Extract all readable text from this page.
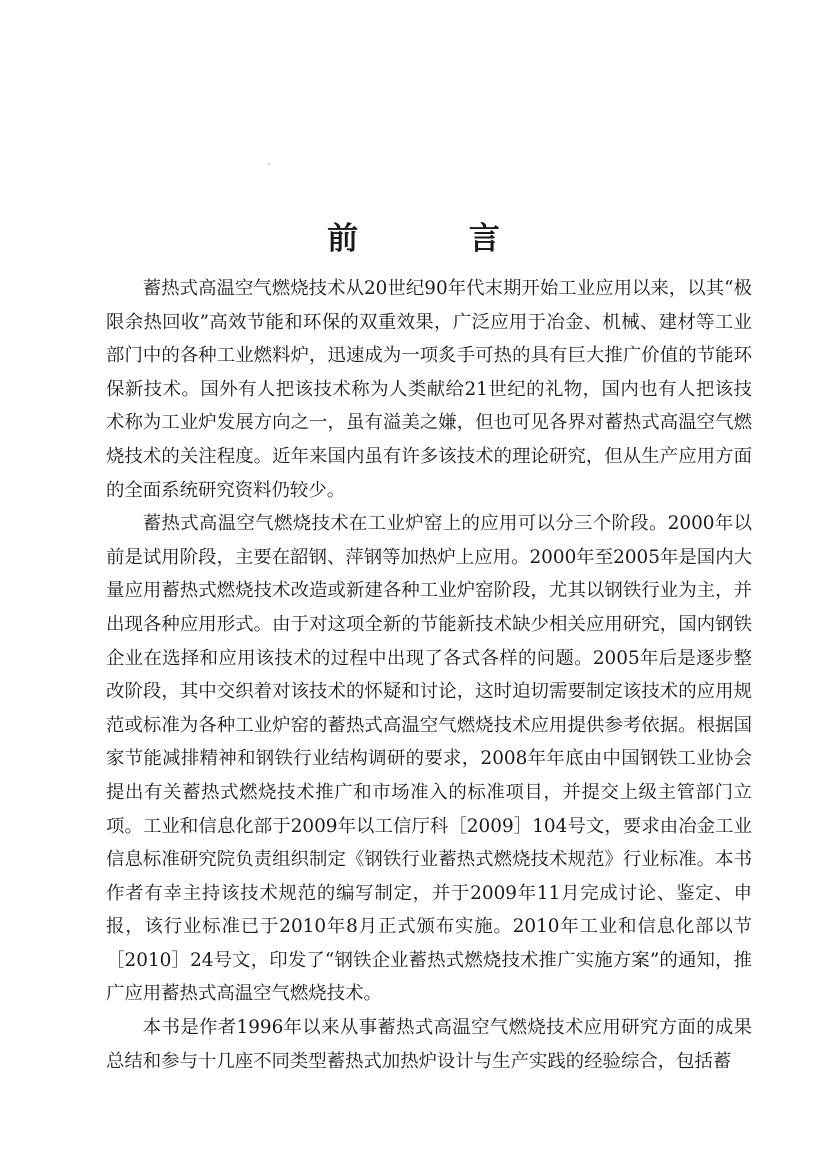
前 言

蓄热式高温空气燃烧技术从20世纪90年代末期开始工业应用以来，以其“极限余热回收”高效节能和环保的双重效果，广泛应用于冶金、机械、建材等工业部门中的各种工业燃料炉，迅速成为一项炙手可热的具有巨大推广价值的节能环保新技术。国外有人把该技术称为人类献给21世纪的礼物，国内也有人把该技术称为工业炉发展方向之一，虽有溢美之嫌，但也可见各界对蓄热式高温空气燃烧技术的关注程度。近年来国内虽有许多该技术的理论研究，但从生产应用方面的全面系统研究资料仍较少。

蓄热式高温空气燃烧技术在工业炉窑上的应用可以分三个阶段。2000年以前是试用阶段，主要在韶钢、萍钢等加热炉上应用。2000年至2005年是国内大量应用蓄热式燃烧技术改造或新建各种工业炉窑阶段，尤其以钢铁行业为主，并出现各种应用形式。由于对这项全新的节能新技术缺少相关应用研究，国内钢铁企业在选择和应用该技术的过程中出现了各式各样的问题。2005年后是逐步整改阶段，其中交织着对该技术的怀疑和讨论，这时迫切需要制定该技术的应用规范或标准为各种工业炉窑的蓄热式高温空气燃烧技术应用提供参考依据。根据国家节能减排精神和钢铁行业结构调研的要求，2008年年底由中国钢铁工业协会提出有关蓄热式燃烧技术推广和市场准入的标准项目，并提交上级主管部门立项。工业和信息化部于2009年以工信厅科［2009］104号文，要求由冶金工业信息标准研究院负责组织制定《钢铁行业蓄热式燃烧技术规范》行业标准。本书作者有幸主持该技术规范的编写制定，并于2009年11月完成讨论、鉴定、申报，该行业标准已于2010年8月正式颁布实施。2010年工业和信息化部以节［2010］24号文，印发了“钢铁企业蓄热式燃烧技术推广实施方案”的通知，推广应用蓄热式高温空气燃烧技术。

本书是作者1996年以来从事蓄热式高温空气燃烧技术应用研究方面的成果总结和参与十几座不同类型蓄热式加热炉设计与生产实践的经验综合，包括蓄
